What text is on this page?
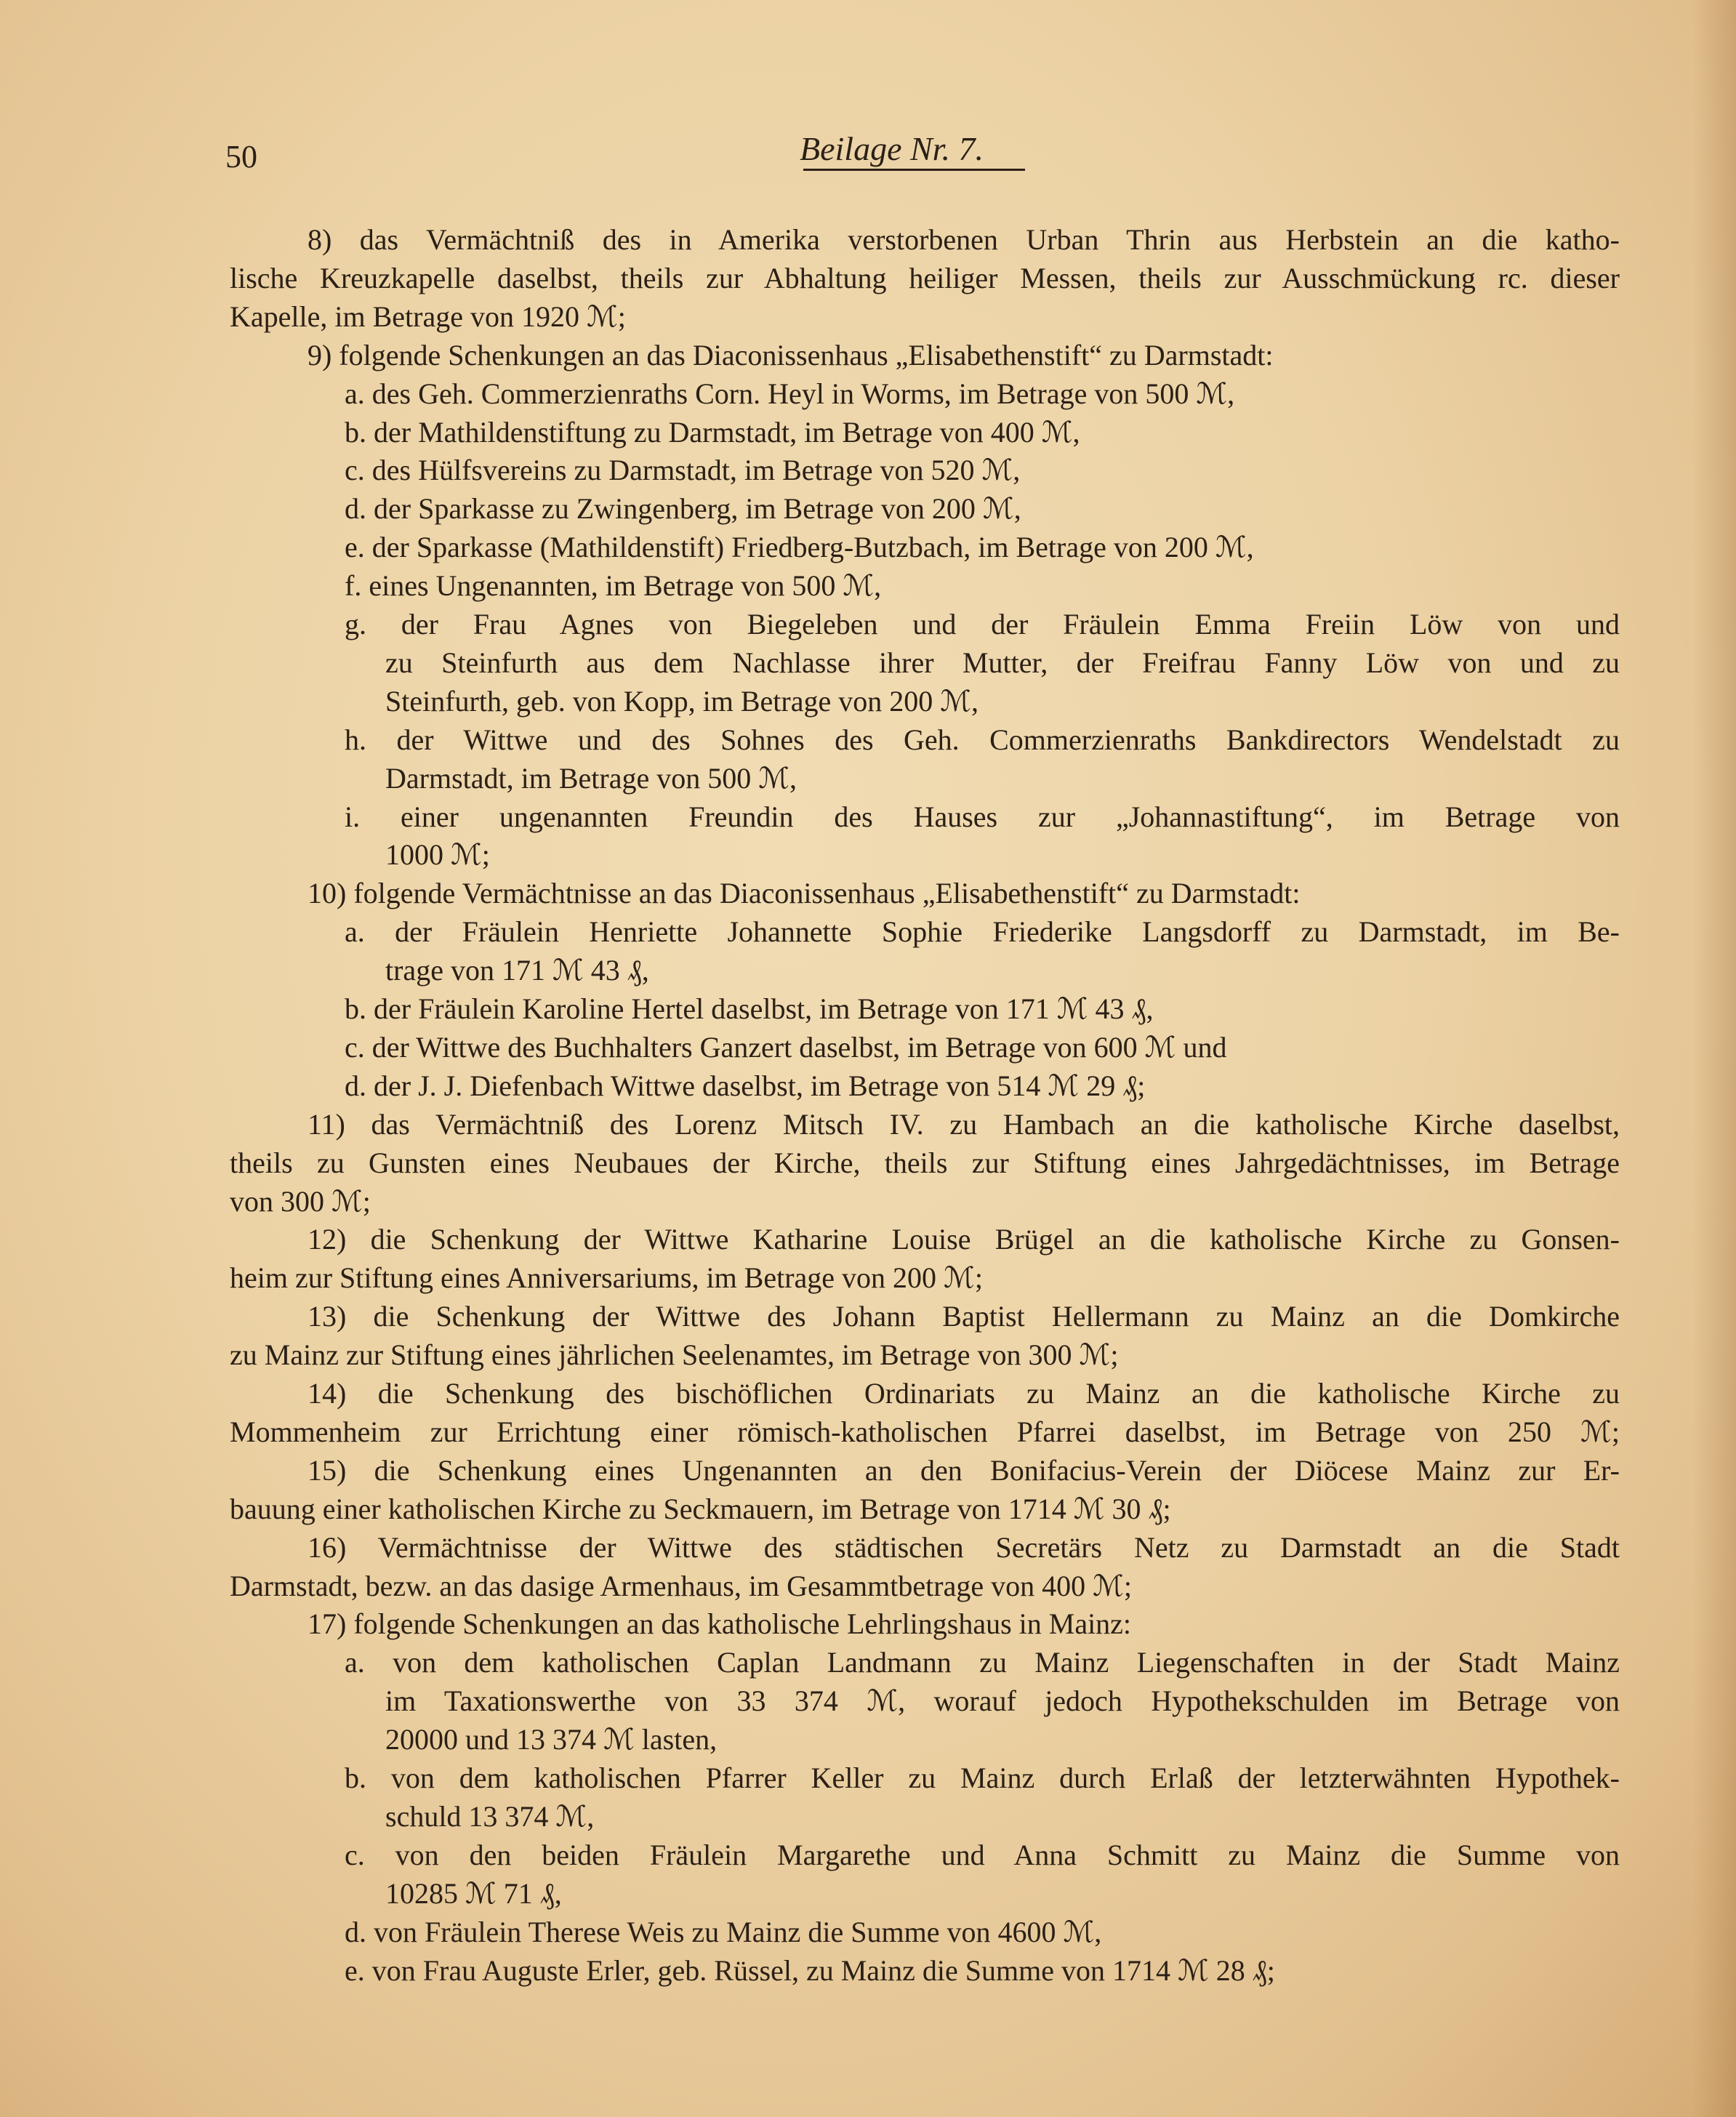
50	Beilage Nr. 7.
8) das Vermächtniß des in Amerika verstorbenen Urban Thrin aus Herbstein an die katho-
lische Kreuzkapelle daselbst, theils zur Abhaltung heiliger Messen, theils zur Ausschmückung rc. dieser
Kapelle, im Betrage von 1920 ℳ;
9) folgende Schenkungen an das Diaconissenhaus „Elisabethenstift“ zu Darmstadt:
a. des Geh. Commerzienraths Corn. Heyl in Worms, im Betrage von 500 ℳ,
b. der Mathildenstiftung zu Darmstadt, im Betrage von 400 ℳ,
c. des Hülfsvereins zu Darmstadt, im Betrage von 520 ℳ,
d. der Sparkasse zu Zwingenberg, im Betrage von 200 ℳ,
e. der Sparkasse (Mathildenstift) Friedberg-Butzbach, im Betrage von 200 ℳ,
f. eines Ungenannten, im Betrage von 500 ℳ,
g. der Frau Agnes von Biegeleben und der Fräulein Emma Freiin Löw von und
zu Steinfurth aus dem Nachlasse ihrer Mutter, der Freifrau Fanny Löw von und zu
Steinfurth, geb. von Kopp, im Betrage von 200 ℳ,
h. der Wittwe und des Sohnes des Geh. Commerzienraths Bankdirectors Wendelstadt zu
Darmstadt, im Betrage von 500 ℳ,
i. einer ungenannten Freundin des Hauses zur „Johannastiftung“, im Betrage von
1000 ℳ;
10) folgende Vermächtnisse an das Diaconissenhaus „Elisabethenstift“ zu Darmstadt:
a. der Fräulein Henriette Johannette Sophie Friederike Langsdorff zu Darmstadt, im Be-
trage von 171 ℳ 43 ₰,
b. der Fräulein Karoline Hertel daselbst, im Betrage von 171 ℳ 43 ₰,
c. der Wittwe des Buchhalters Ganzert daselbst, im Betrage von 600 ℳ und
d. der J. J. Diefenbach Wittwe daselbst, im Betrage von 514 ℳ 29 ₰;
11) das Vermächtniß des Lorenz Mitsch IV. zu Hambach an die katholische Kirche daselbst,
theils zu Gunsten eines Neubaues der Kirche, theils zur Stiftung eines Jahrgedächtnisses, im Betrage
von 300 ℳ;
12) die Schenkung der Wittwe Katharine Louise Brügel an die katholische Kirche zu Gonsen-
heim zur Stiftung eines Anniversariums, im Betrage von 200 ℳ;
13) die Schenkung der Wittwe des Johann Baptist Hellermann zu Mainz an die Domkirche
zu Mainz zur Stiftung eines jährlichen Seelenamtes, im Betrage von 300 ℳ;
14) die Schenkung des bischöflichen Ordinariats zu Mainz an die katholische Kirche zu
Mommenheim zur Errichtung einer römisch-katholischen Pfarrei daselbst, im Betrage von 250 ℳ;
15) die Schenkung eines Ungenannten an den Bonifacius-Verein der Diöcese Mainz zur Er-
bauung einer katholischen Kirche zu Seckmauern, im Betrage von 1714 ℳ 30 ₰;
16) Vermächtnisse der Wittwe des städtischen Secretärs Netz zu Darmstadt an die Stadt
Darmstadt, bezw. an das dasige Armenhaus, im Gesammtbetrage von 400 ℳ;
17) folgende Schenkungen an das katholische Lehrlingshaus in Mainz:
a. von dem katholischen Caplan Landmann zu Mainz Liegenschaften in der Stadt Mainz
im Taxationswerthe von 33 374 ℳ, worauf jedoch Hypothekschulden im Betrage von
20000 und 13 374 ℳ lasten,
b. von dem katholischen Pfarrer Keller zu Mainz durch Erlaß der letzterwähnten Hypothek-
schuld 13 374 ℳ,
c. von den beiden Fräulein Margarethe und Anna Schmitt zu Mainz die Summe von
10285 ℳ 71 ₰,
d. von Fräulein Therese Weis zu Mainz die Summe von 4600 ℳ,
e. von Frau Auguste Erler, geb. Rüssel, zu Mainz die Summe von 1714 ℳ 28 ₰;
